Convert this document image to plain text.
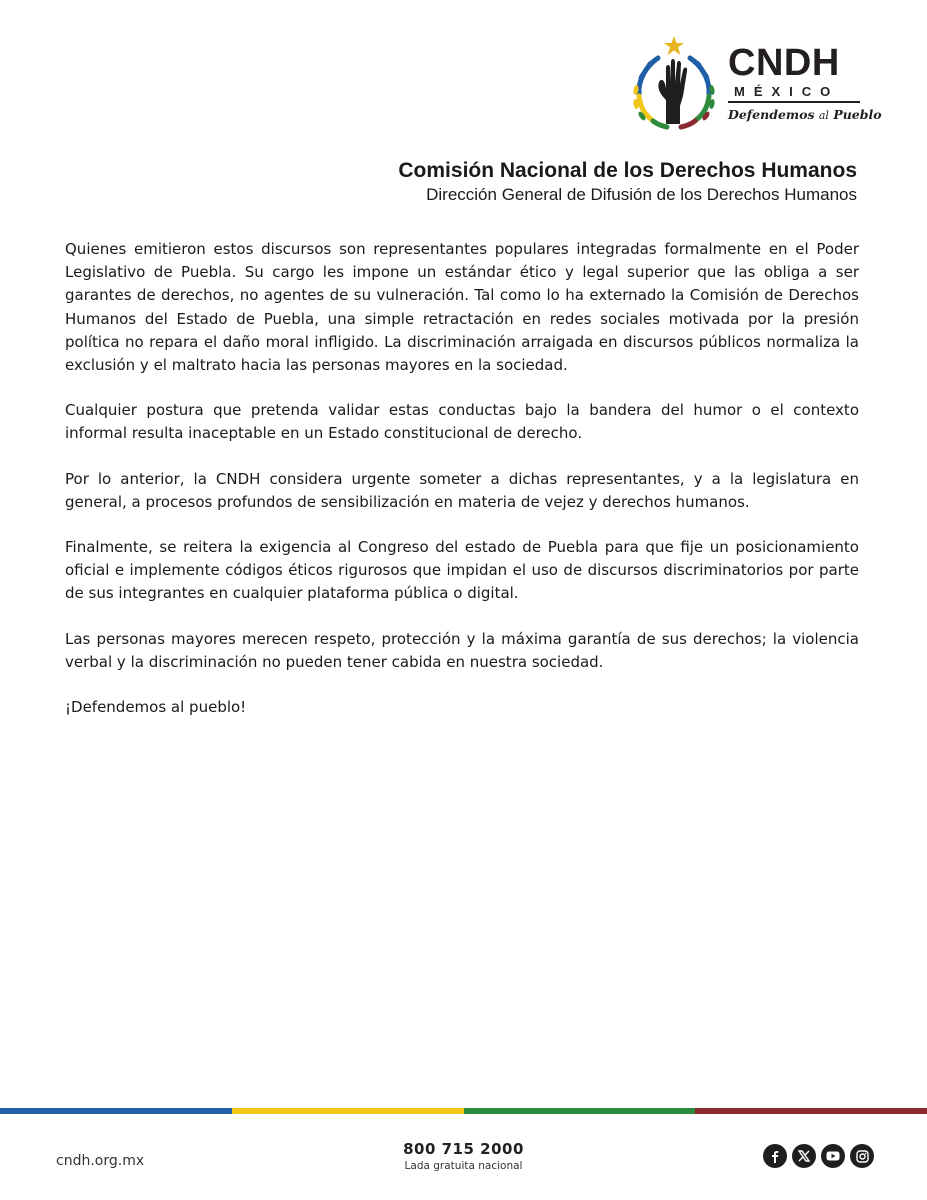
CNDH
MÉXICO
Defendemos al Pueblo
Comisión Nacional de los Derechos Humanos
Dirección General de Difusión de los Derechos Humanos

Quienes emitieron estos discursos son representantes populares integradas formalmente en el Poder Legislativo de Puebla. Su cargo les impone un estándar ético y legal superior que las obliga a ser garantes de derechos, no agentes de su vulneración. Tal como lo ha externado la Comisión de Derechos Humanos del Estado de Puebla, una simple retractación en redes sociales motivada por la presión política no repara el daño moral infligido. La discriminación arraigada en discursos públicos normaliza la exclusión y el maltrato hacia las personas mayores en la sociedad.

Cualquier postura que pretenda validar estas conductas bajo la bandera del humor o el contexto informal resulta inaceptable en un Estado constitucional de derecho.

Por lo anterior, la CNDH considera urgente someter a dichas representantes, y a la legislatura en general, a procesos profundos de sensibilización en materia de vejez y derechos humanos.

Finalmente, se reitera la exigencia al Congreso del estado de Puebla para que fije un posicionamiento oficial e implemente códigos éticos rigurosos que impidan el uso de discursos discriminatorios por parte de sus integrantes en cualquier plataforma pública o digital.

Las personas mayores merecen respeto, protección y la máxima garantía de sus derechos; la violencia verbal y la discriminación no pueden tener cabida en nuestra sociedad.

¡Defendemos al pueblo!

cndh.org.mx
800 715 2000
Lada gratuita nacional
